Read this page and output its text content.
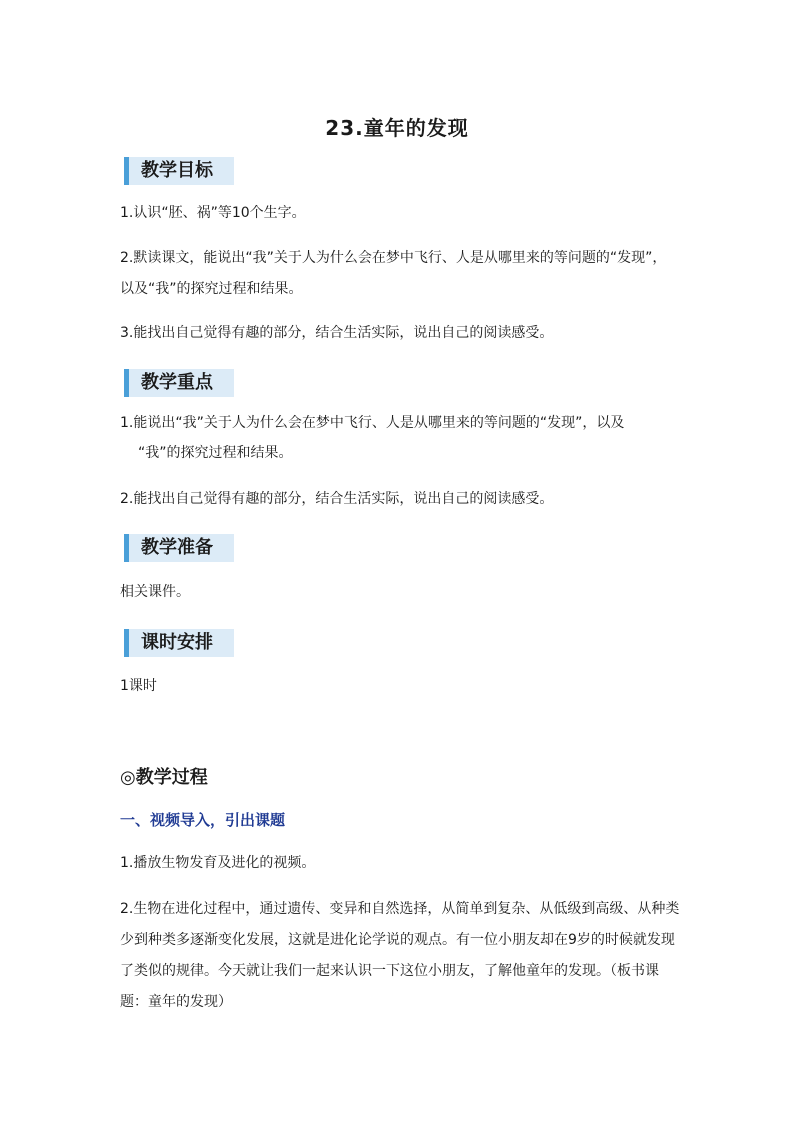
23.童年的发现
教学目标
1.认识“胚、祸”等10个生字。
2.默读课文，能说出“我”关于人为什么会在梦中飞行、人是从哪里来的等问题的“发现”，以及“我”的探究过程和结果。
3.能找出自己觉得有趣的部分，结合生活实际，说出自己的阅读感受。
教学重点
1.能说出“我”关于人为什么会在梦中飞行、人是从哪里来的等问题的“发现”，以及
“我”的探究过程和结果。
2.能找出自己觉得有趣的部分，结合生活实际，说出自己的阅读感受。
教学准备
相关课件。
课时安排
1课时
◎教学过程
一、视频导入，引出课题
1.播放生物发育及进化的视频。
2.生物在进化过程中，通过遗传、变异和自然选择，从简单到复杂、从低级到高级、从种类少到种类多逐渐变化发展，这就是进化论学说的观点。有一位小朋友却在9岁的时候就发现了类似的规律。今天就让我们一起来认识一下这位小朋友，了解他童年的发现。（板书课题：童年的发现）
